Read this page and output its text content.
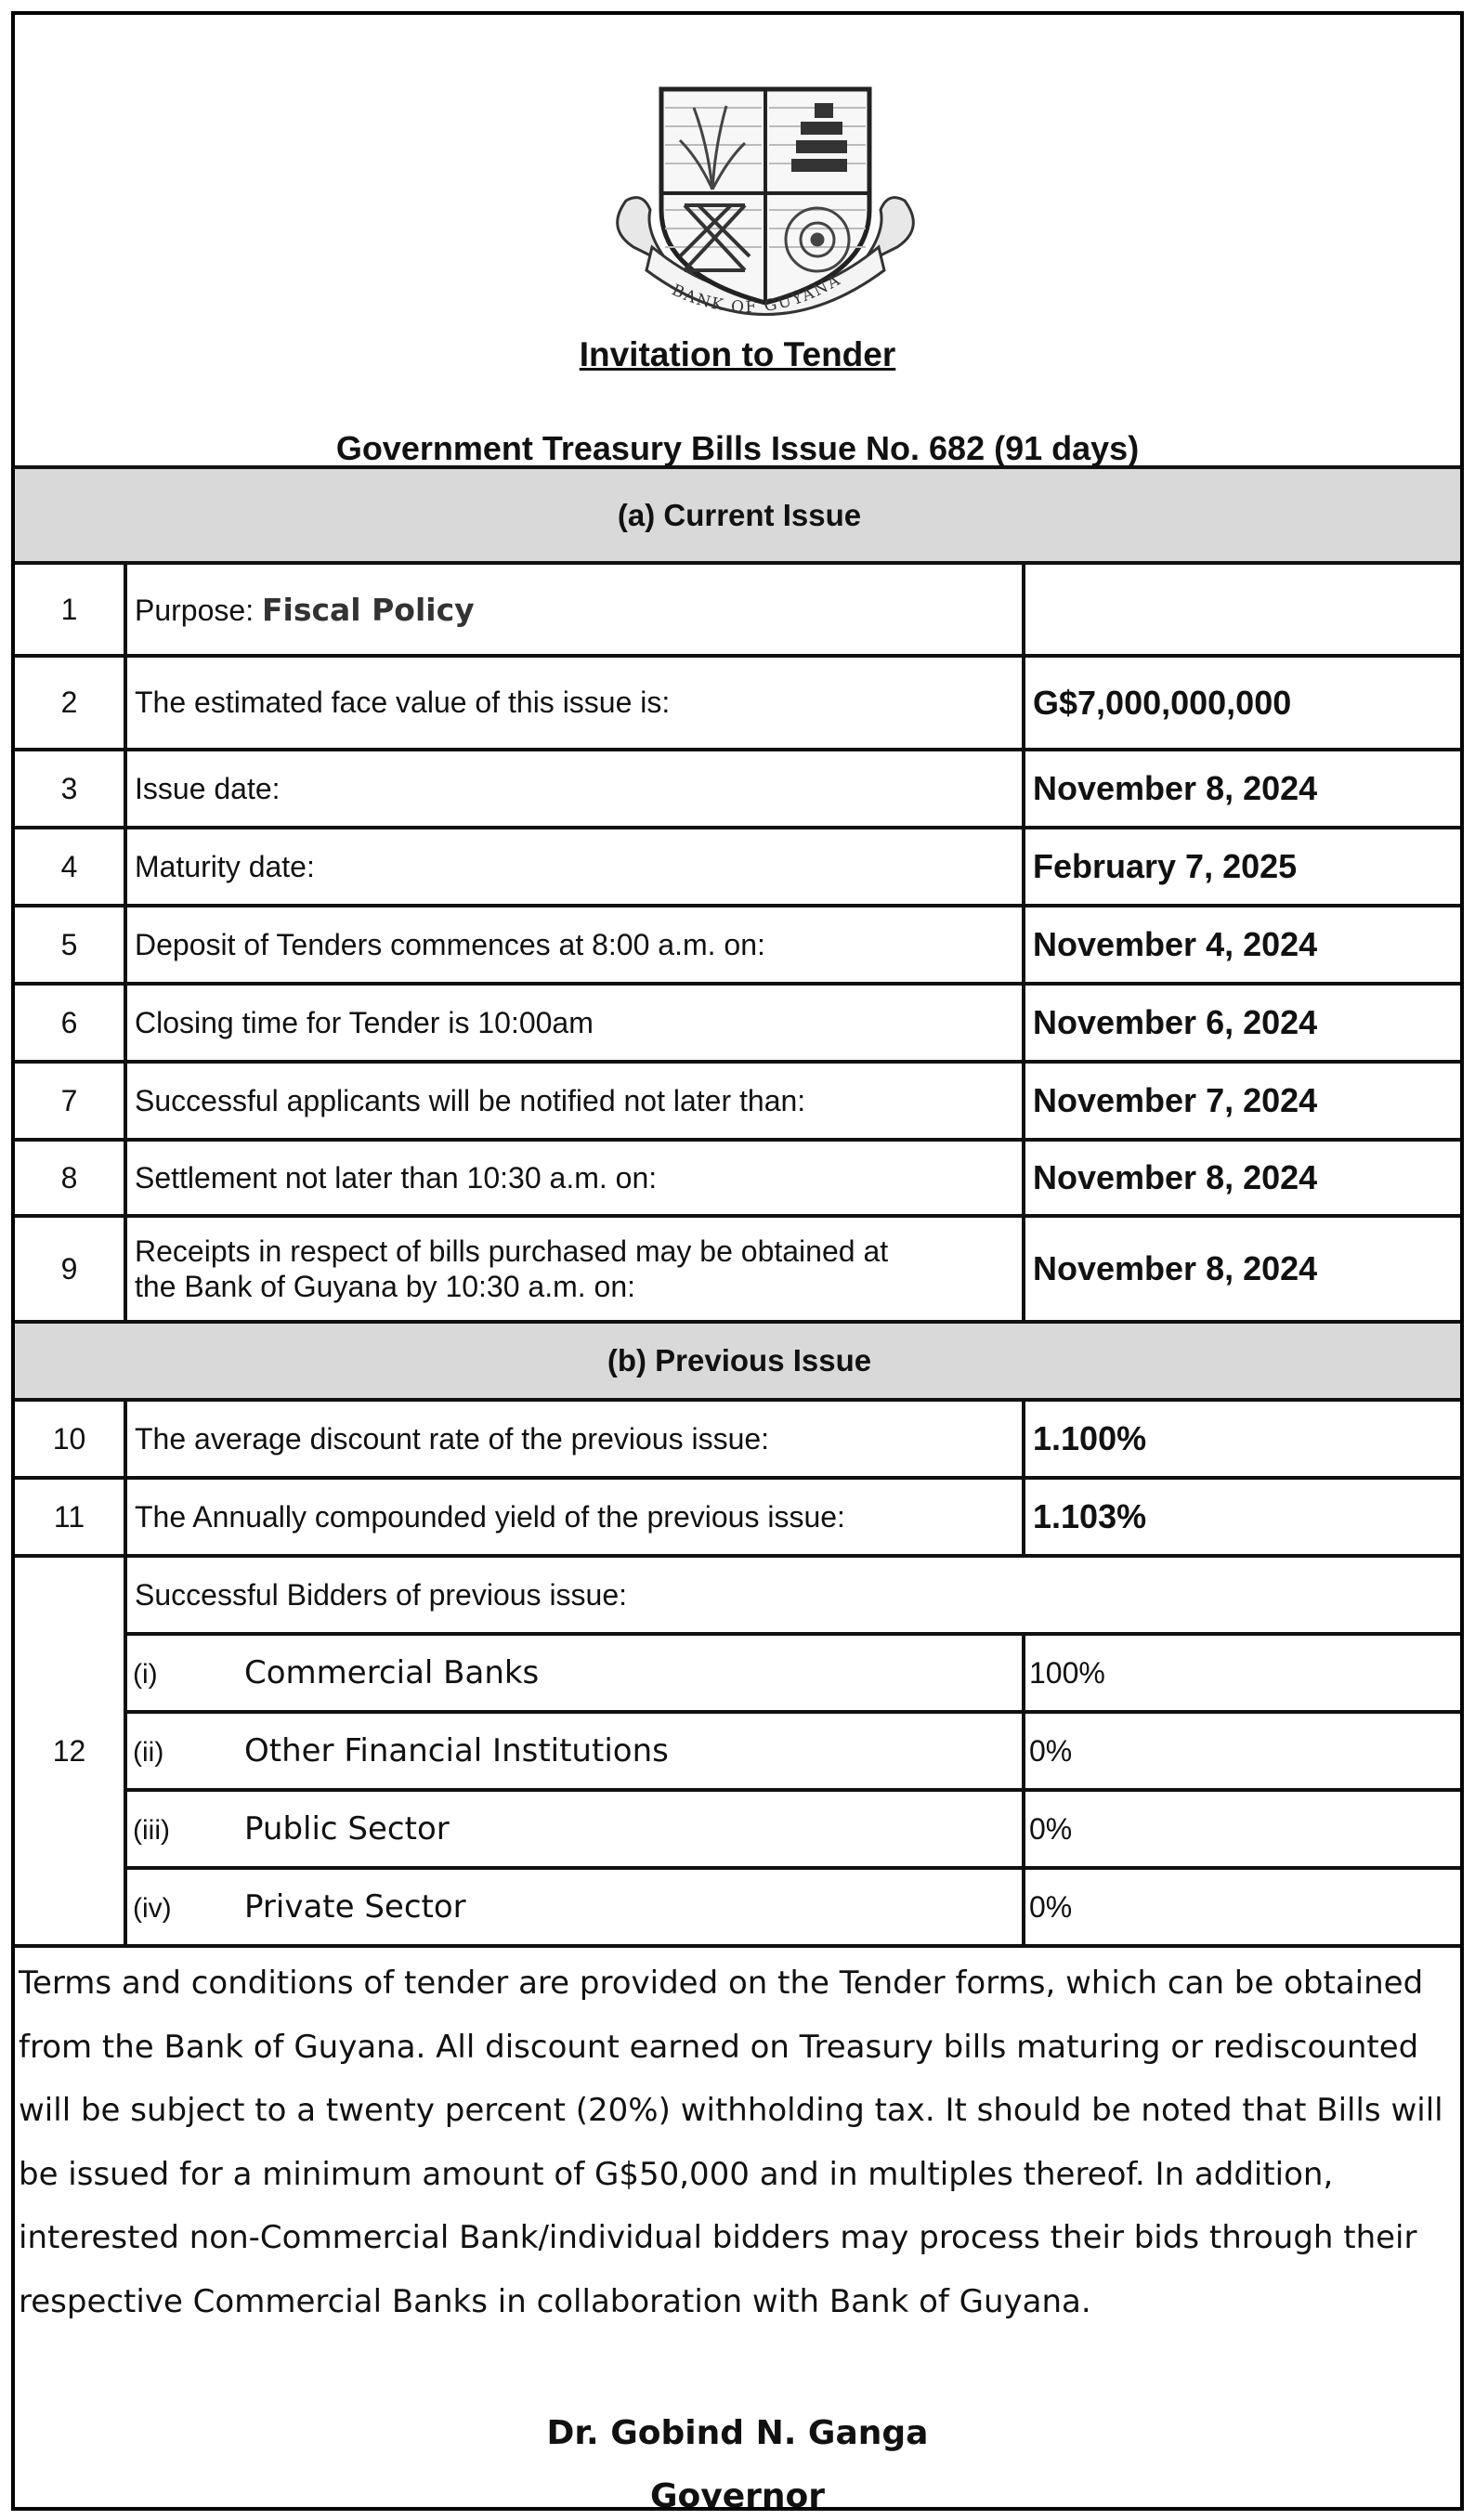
BANK OF GUYANA
Invitation to Tender
Government Treasury Bills Issue No. 682 (91 days)
(a) Current Issue		
1	Purpose: Fiscal Policy	
2	The estimated face value of this issue is:	G$7,000,000,000
3	Issue date:	November 8, 2024
4	Maturity date:	February 7, 2025
5	Deposit of Tenders commences at 8:00 a.m. on:	November 4, 2024
6	Closing time for Tender is 10:00am	November 6, 2024
7	Successful applicants will be notified not later than:	November 7, 2024
8	Settlement not later than 10:30 a.m. on:	November 8, 2024
9	Receipts in respect of bills purchased may be obtained at
the Bank of Guyana by 10:30 a.m. on:	November 8, 2024
(b) Previous Issue		
10	The average discount rate of the previous issue:	1.100%
11	The Annually compounded yield of the previous issue:	1.103%
12	Successful Bidders of previous issue:	
	(i) Commercial Banks	100%
	(ii) Other Financial Institutions	0%
	(iii) Public Sector	0%
	(iv) Private Sector	0%
Terms and conditions of tender are provided on the Tender forms, which can be obtained from the Bank of Guyana. All discount earned on Treasury bills maturing or rediscounted will be subject to a twenty percent (20%) withholding tax. It should be noted that Bills will be issued for a minimum amount of G$50,000 and in multiples thereof. In addition, interested non-Commercial Bank/individual bidders may process their bids through their respective Commercial Banks in collaboration with Bank of Guyana.
Dr. Gobind N. Ganga
Governor
